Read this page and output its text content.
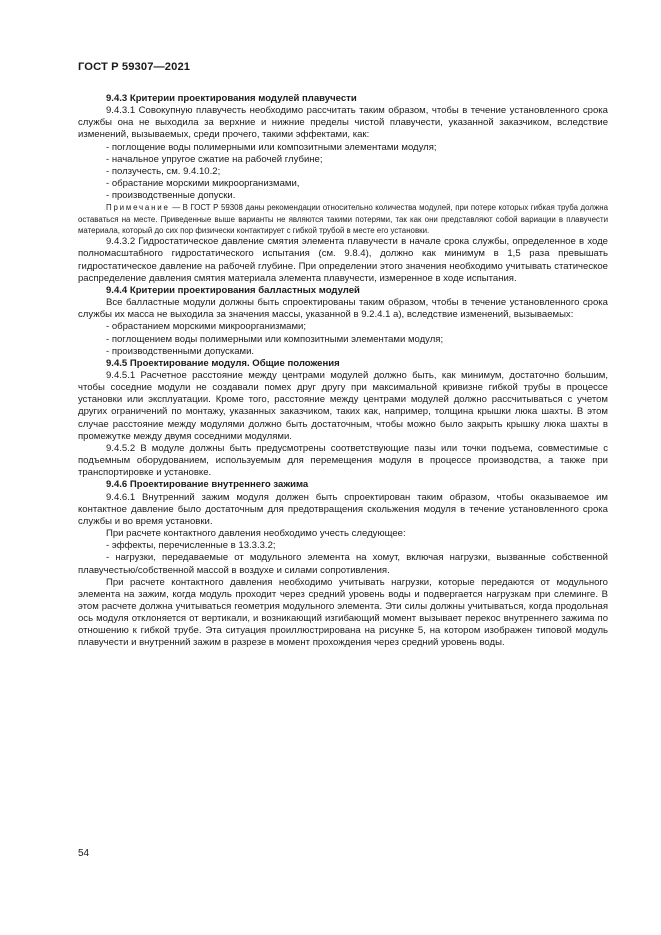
ГОСТ Р 59307—2021

9.4.3 Критерии проектирования модулей плавучести

9.4.3.1 Совокупную плавучесть необходимо рассчитать таким образом, чтобы в течение установленного срока службы она не выходила за верхние и нижние пределы чистой плавучести, указанной заказчиком, вследствие изменений, вызываемых, среди прочего, такими эффектами, как:

- поглощение воды полимерными или композитными элементами модуля;

- начальное упругое сжатие на рабочей глубине;

- ползучесть, см. 9.4.10.2;

- обрастание морскими микроорганизмами,

- производственные допуски.

Примечание — В ГОСТ Р 59308 даны рекомендации относительно количества модулей, при потере которых гибкая труба должна оставаться на месте. Приведенные выше варианты не являются такими потерями, так как они представляют собой вариации в плавучести материала, который до сих пор физически контактирует с гибкой трубой в месте его установки.

9.4.3.2 Гидростатическое давление смятия элемента плавучести в начале срока службы, определенное в ходе полномасштабного гидростатического испытания (см. 9.8.4), должно как минимум в 1,5 раза превышать гидростатическое давление на рабочей глубине. При определении этого значения необходимо учитывать статическое распределение давления смятия материала элемента плавучести, измеренное в ходе испытания.

9.4.4 Критерии проектирования балластных модулей

Все балластные модули должны быть спроектированы таким образом, чтобы в течение установленного срока службы их масса не выходила за значения массы, указанной в 9.2.4.1 а), вследствие изменений, вызываемых:

- обрастанием морскими микроорганизмами;

- поглощением воды полимерными или композитными элементами модуля;

- производственными допусками.

9.4.5 Проектирование модуля. Общие положения

9.4.5.1 Расчетное расстояние между центрами модулей должно быть, как минимум, достаточно большим, чтобы соседние модули не создавали помех друг другу при максимальной кривизне гибкой трубы в процессе установки или эксплуатации. Кроме того, расстояние между центрами модулей должно рассчитываться с учетом других ограничений по монтажу, указанных заказчиком, таких как, например, толщина крышки люка шахты. В этом случае расстояние между модулями должно быть достаточным, чтобы можно было закрыть крышку люка шахты в промежутке между двумя соседними модулями.

9.4.5.2 В модуле должны быть предусмотрены соответствующие пазы или точки подъема, совместимые с подъемным оборудованием, используемым для перемещения модуля в процессе производства, а также при транспортировке и установке.

9.4.6 Проектирование внутреннего зажима

9.4.6.1 Внутренний зажим модуля должен быть спроектирован таким образом, чтобы оказываемое им контактное давление было достаточным для предотвращения скольжения модуля в течение установленного срока службы и во время установки.

При расчете контактного давления необходимо учесть следующее:

- эффекты, перечисленные в 13.3.3.2;

- нагрузки, передаваемые от модульного элемента на хомут, включая нагрузки, вызванные собственной плавучестью/собственной массой в воздухе и силами сопротивления.

При расчете контактного давления необходимо учитывать нагрузки, которые передаются от модульного элемента на зажим, когда модуль проходит через средний уровень воды и подвергается нагрузкам при слеминге. В этом расчете должна учитываться геометрия модульного элемента. Эти силы должны учитываться, когда продольная ось модуля отклоняется от вертикали, и возникающий изгибающий момент вызывает перекос внутреннего зажима по отношению к гибкой трубе. Эта ситуация проиллюстрирована на рисунке 5, на котором изображен типовой модуль плавучести и внутренний зажим в разрезе в момент прохождения через средний уровень воды.

54
